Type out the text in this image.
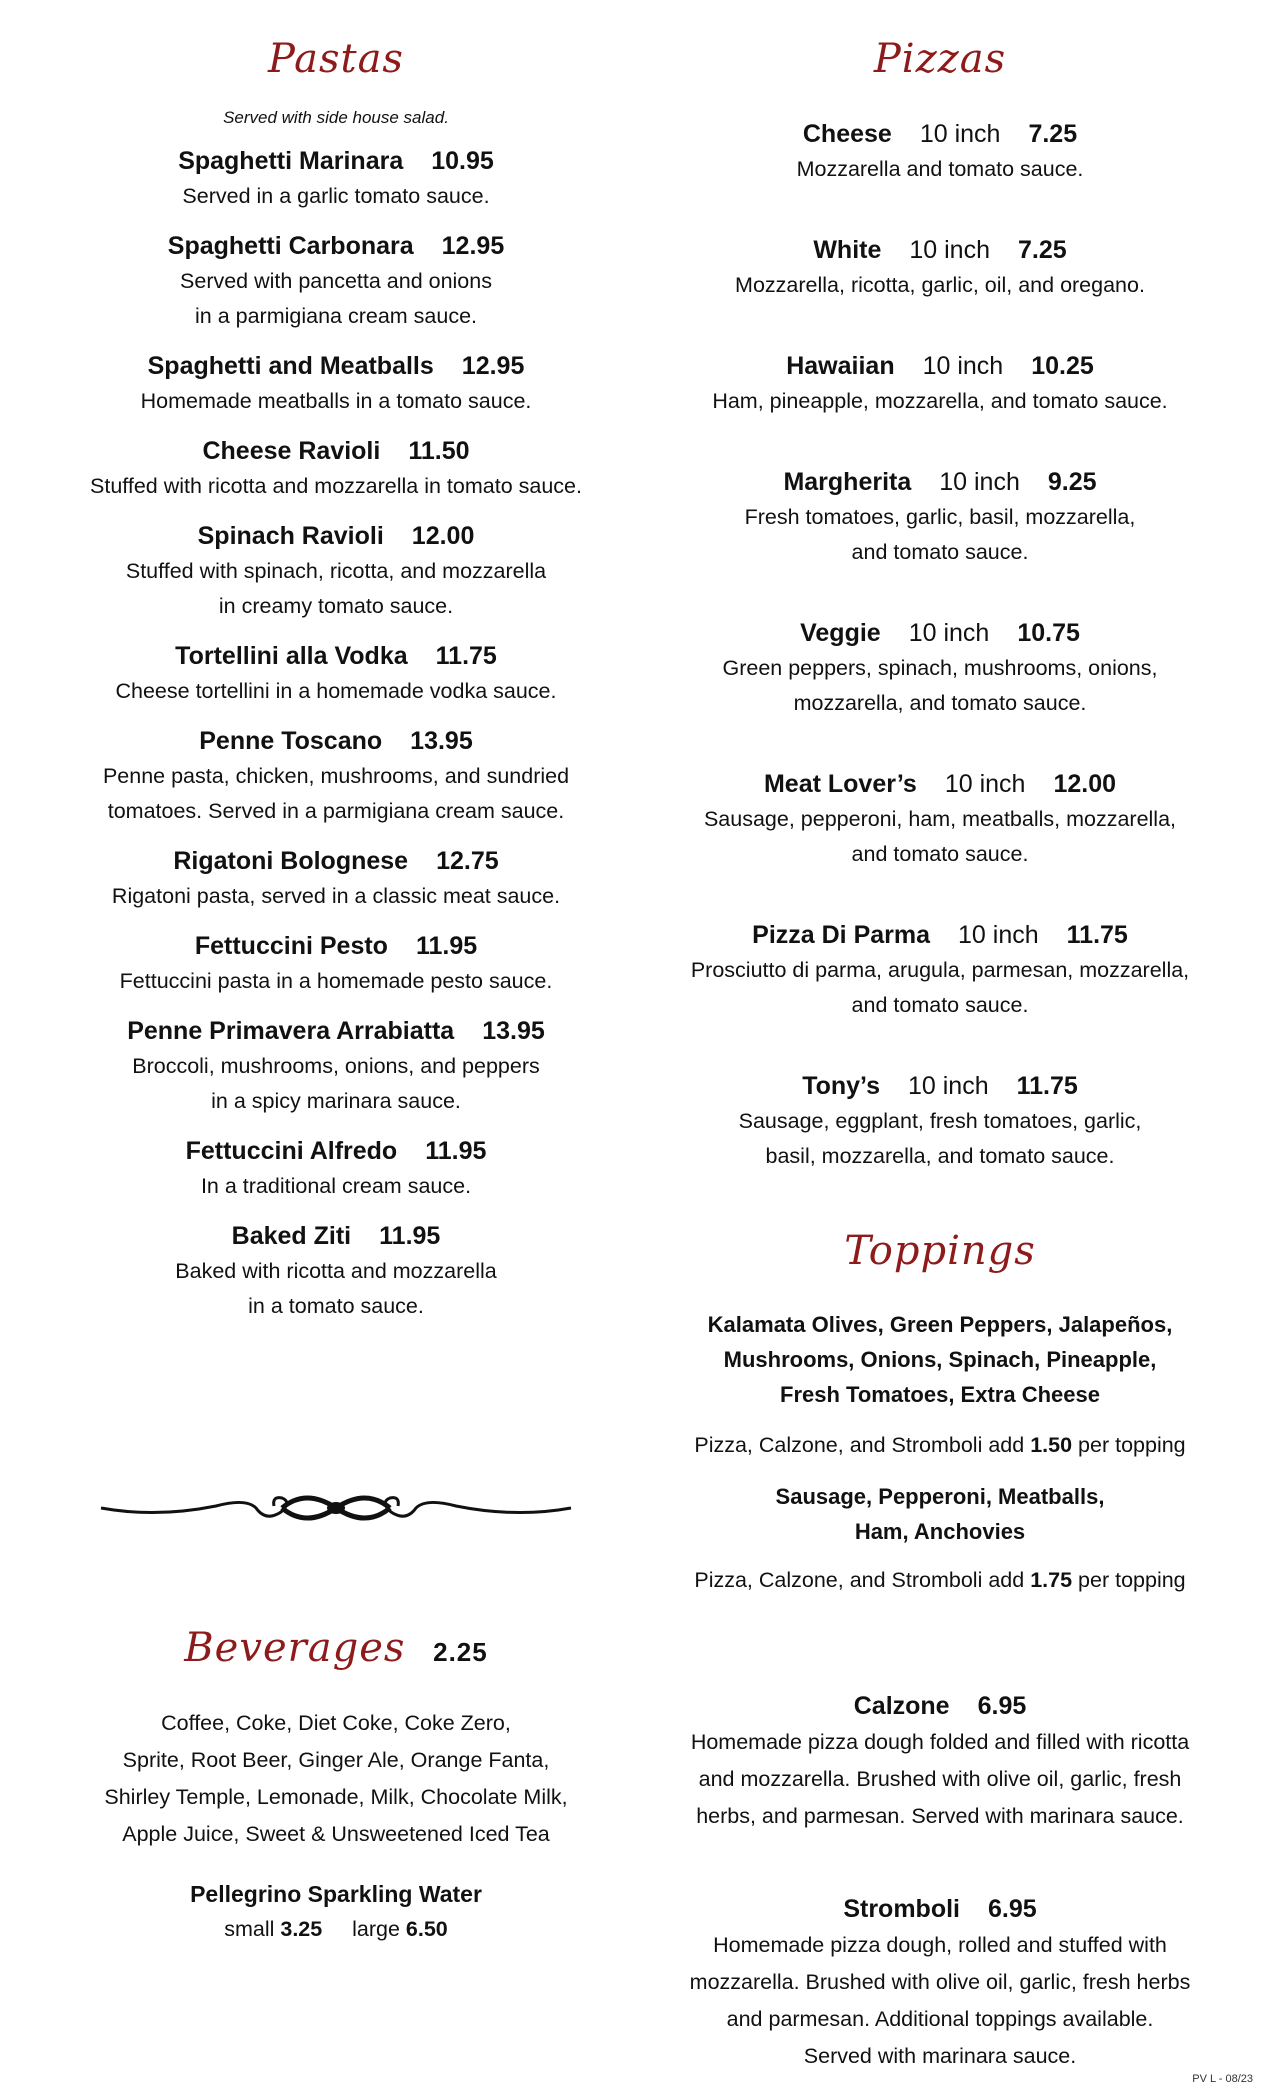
Pastas
Served with side house salad.
Spaghetti Marinara 10.95
Served in a garlic tomato sauce.
Spaghetti Carbonara 12.95
Served with pancetta and onions
in a parmigiana cream sauce.
Spaghetti and Meatballs 12.95
Homemade meatballs in a tomato sauce.
Cheese Ravioli 11.50
Stuffed with ricotta and mozzarella in tomato sauce.
Spinach Ravioli 12.00
Stuffed with spinach, ricotta, and mozzarella
in creamy tomato sauce.
Tortellini alla Vodka 11.75
Cheese tortellini in a homemade vodka sauce.
Penne Toscano 13.95
Penne pasta, chicken, mushrooms, and sundried
tomatoes. Served in a parmigiana cream sauce.
Rigatoni Bolognese 12.75
Rigatoni pasta, served in a classic meat sauce.
Fettuccini Pesto 11.95
Fettuccini pasta in a homemade pesto sauce.
Penne Primavera Arrabiatta 13.95
Broccoli, mushrooms, onions, and peppers
in a spicy marinara sauce.
Fettuccini Alfredo 11.95
In a traditional cream sauce.
Baked Ziti 11.95
Baked with ricotta and mozzarella
in a tomato sauce.
Beverages 2.25
Coffee, Coke, Diet Coke, Coke Zero,
Sprite, Root Beer, Ginger Ale, Orange Fanta,
Shirley Temple, Lemonade, Milk, Chocolate Milk,
Apple Juice, Sweet & Unsweetened Iced Tea
Pellegrino Sparkling Water
small 3.25 large 6.50
Pizzas
Cheese 10 inch 7.25
Mozzarella and tomato sauce.
White 10 inch 7.25
Mozzarella, ricotta, garlic, oil, and oregano.
Hawaiian 10 inch 10.25
Ham, pineapple, mozzarella, and tomato sauce.
Margherita 10 inch 9.25
Fresh tomatoes, garlic, basil, mozzarella,
and tomato sauce.
Veggie 10 inch 10.75
Green peppers, spinach, mushrooms, onions,
mozzarella, and tomato sauce.
Meat Lover’s 10 inch 12.00
Sausage, pepperoni, ham, meatballs, mozzarella,
and tomato sauce.
Pizza Di Parma 10 inch 11.75
Prosciutto di parma, arugula, parmesan, mozzarella,
and tomato sauce.
Tony’s 10 inch 11.75
Sausage, eggplant, fresh tomatoes, garlic,
basil, mozzarella, and tomato sauce.
Toppings
Kalamata Olives, Green Peppers, Jalapeños,
Mushrooms, Onions, Spinach, Pineapple,
Fresh Tomatoes, Extra Cheese
Pizza, Calzone, and Stromboli add 1.50 per topping
Sausage, Pepperoni, Meatballs,
Ham, Anchovies
Pizza, Calzone, and Stromboli add 1.75 per topping
Calzone 6.95
Homemade pizza dough folded and filled with ricotta
and mozzarella. Brushed with olive oil, garlic, fresh
herbs, and parmesan. Served with marinara sauce.
Stromboli 6.95
Homemade pizza dough, rolled and stuffed with
mozzarella. Brushed with olive oil, garlic, fresh herbs
and parmesan. Additional toppings available.
Served with marinara sauce.
PV L - 08/23
